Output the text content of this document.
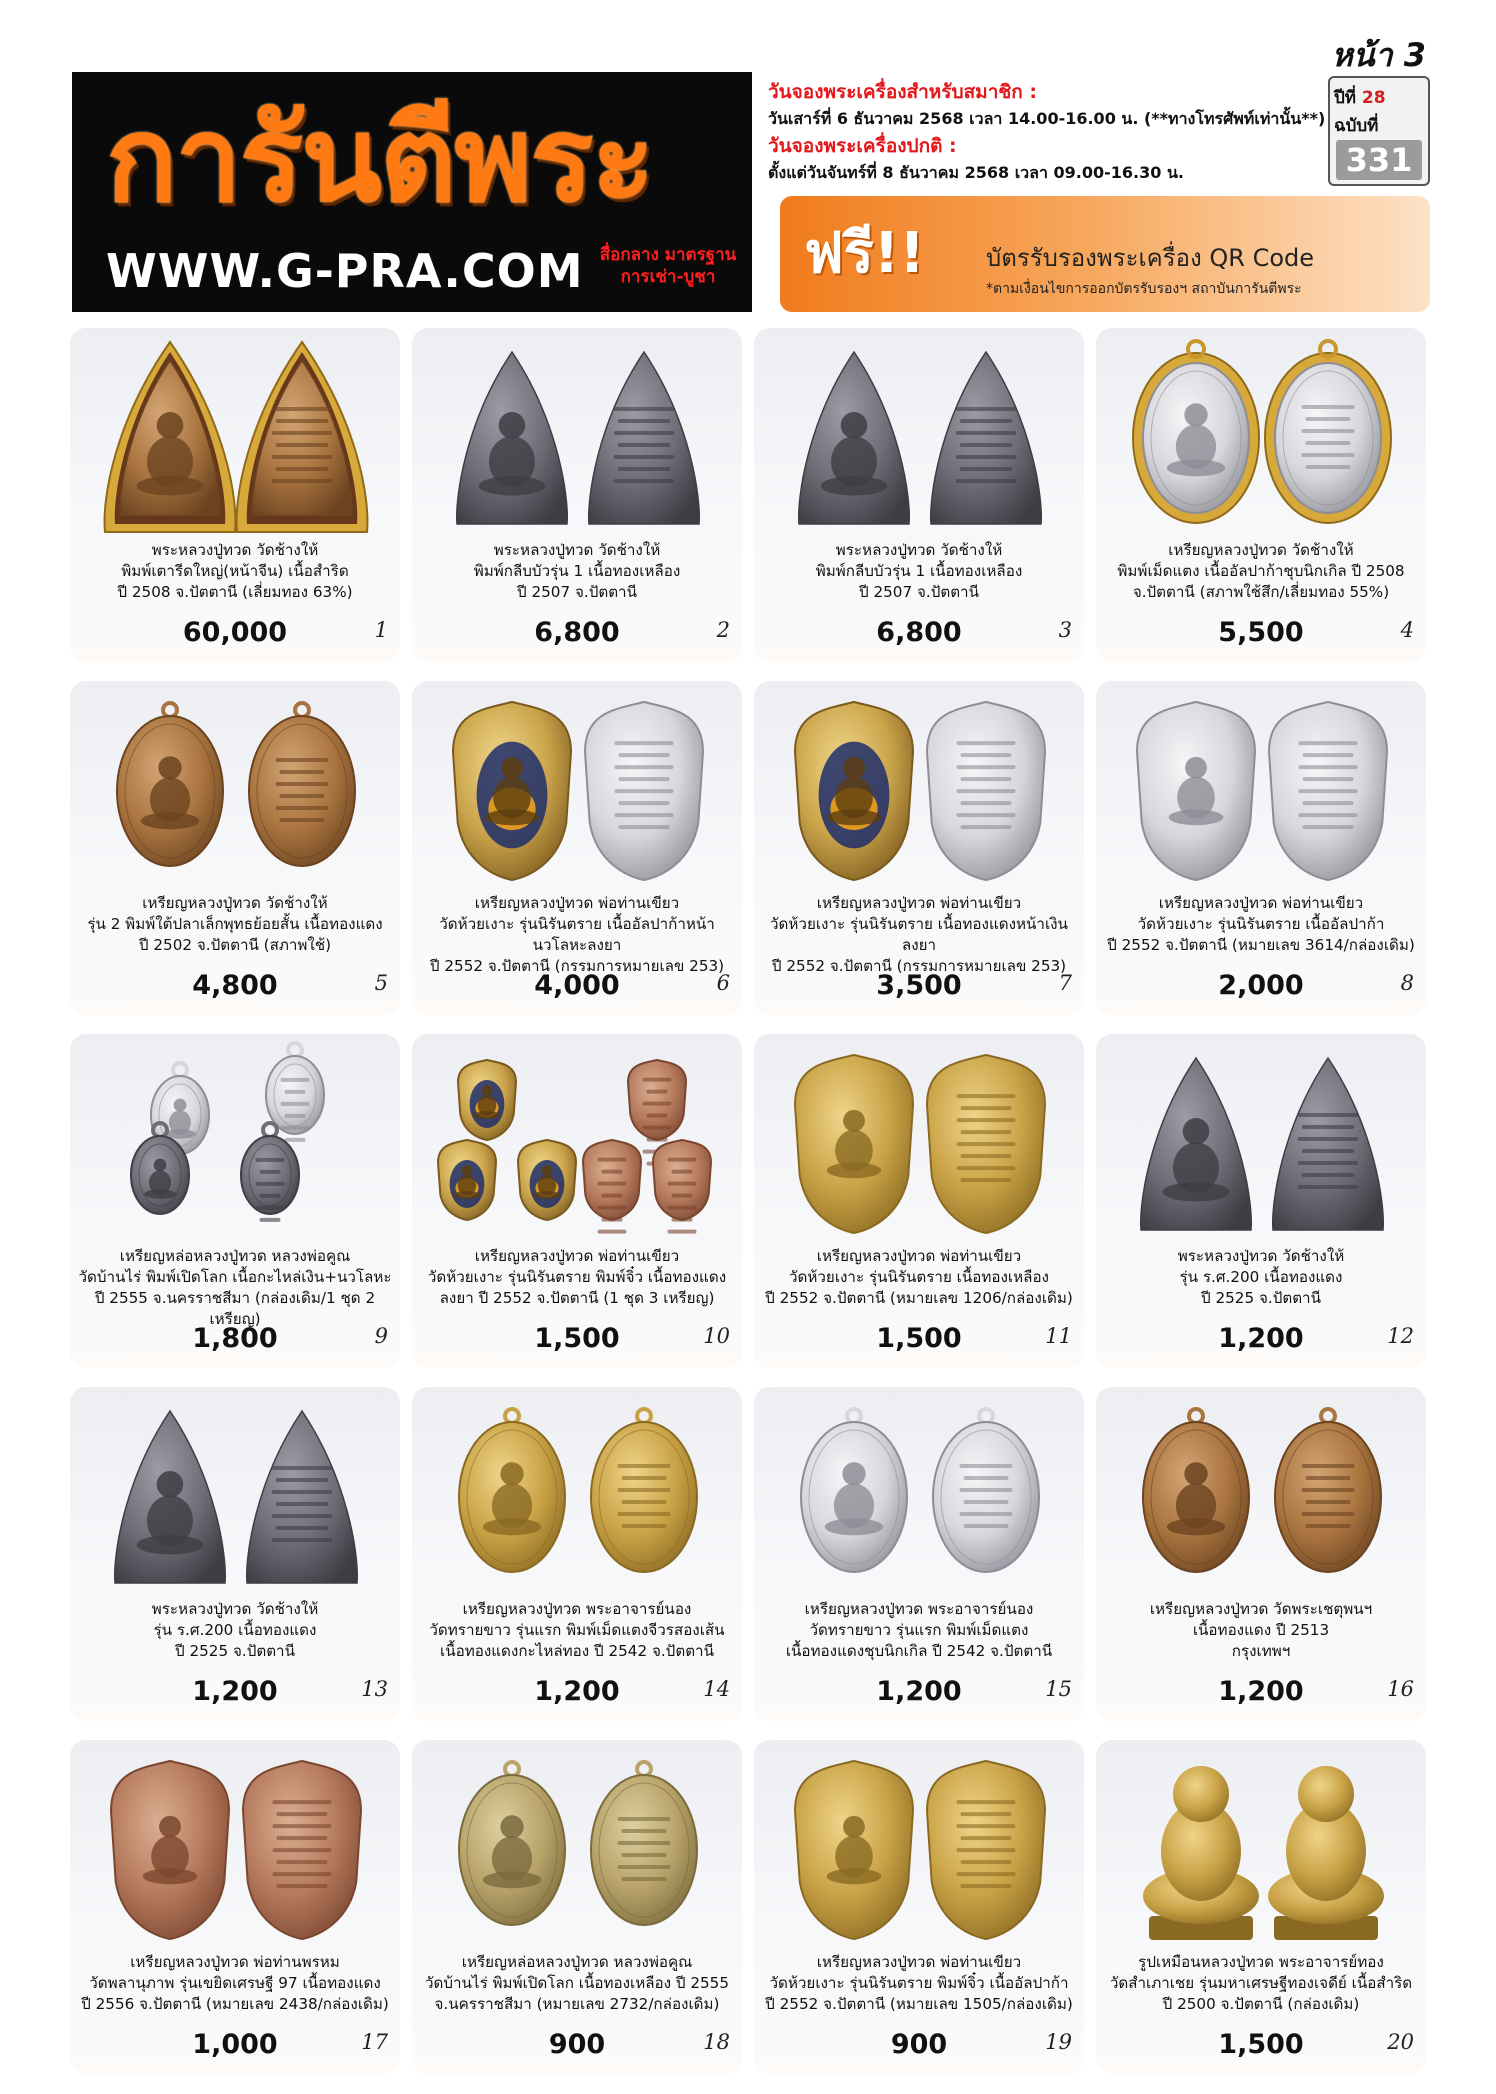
การันตีพระ
WWW.G-PRA.COM สื่อกลาง มาตรฐาน การเช่า-บูชา
วันจองพระเครื่องสำหรับสมาชิก :
วันเสาร์ที่ 6 ธันวาคม 2568 เวลา 14.00-16.00 น. (**ทางโทรศัพท์เท่านั้น**)
วันจองพระเครื่องปกติ :
ตั้งแต่วันจันทร์ที่ 8 ธันวาคม 2568 เวลา 09.00-16.30 น.
หน้า 3
ปีที่ 28
ฉบับที่
331
ฟรี!!	บัตรรับรองพระเครื่อง QR Code
*ตามเงื่อนไขการออกบัตรรับรองฯ สถาบันการันตีพระ
พระหลวงปู่ทวด วัดช้างให้
พิมพ์เตารีดใหญ่(หน้าจีน) เนื้อสำริด
ปี 2508 จ.ปัตตานี (เลี่ยมทอง 63%)
60,000	1
พระหลวงปู่ทวด วัดช้างให้
พิมพ์กลีบบัวรุ่น 1 เนื้อทองเหลือง
ปี 2507 จ.ปัตตานี
6,800	2
พระหลวงปู่ทวด วัดช้างให้
พิมพ์กลีบบัวรุ่น 1 เนื้อทองเหลือง
ปี 2507 จ.ปัตตานี
6,800	3
เหรียญหลวงปู่ทวด วัดช้างให้
พิมพ์เม็ดแตง เนื้ออัลปาก้าชุบนิกเกิล ปี 2508
จ.ปัตตานี (สภาพใช้สึก/เลี่ยมทอง 55%)
5,500	4
เหรียญหลวงปู่ทวด วัดช้างให้
รุ่น 2 พิมพ์ใต้ปลาเล็กพุทธย้อยสั้น เนื้อทองแดง
ปี 2502 จ.ปัตตานี (สภาพใช้)
4,800	5
เหรียญหลวงปู่ทวด พ่อท่านเขียว
วัดห้วยเงาะ รุ่นนิรันตราย เนื้ออัลปาก้าหน้านวโลหะลงยา
ปี 2552 จ.ปัตตานี (กรรมการหมายเลข 253)
4,000	6
เหรียญหลวงปู่ทวด พ่อท่านเขียว
วัดห้วยเงาะ รุ่นนิรันตราย เนื้อทองแดงหน้าเงินลงยา
ปี 2552 จ.ปัตตานี (กรรมการหมายเลข 253)
3,500	7
เหรียญหลวงปู่ทวด พ่อท่านเขียว
วัดห้วยเงาะ รุ่นนิรันตราย เนื้ออัลปาก้า
ปี 2552 จ.ปัตตานี (หมายเลข 3614/กล่องเดิม)
2,000	8
เหรียญหล่อหลวงปู่ทวด หลวงพ่อคูณ
วัดบ้านไร่ พิมพ์เปิดโลก เนื้อกะไหล่เงิน+นวโลหะ
ปี 2555 จ.นครราชสีมา (กล่องเดิม/1 ชุด 2 เหรียญ)
1,800	9
เหรียญหลวงปู่ทวด พ่อท่านเขียว
วัดห้วยเงาะ รุ่นนิรันตราย พิมพ์จิ๋ว เนื้อทองแดง
ลงยา ปี 2552 จ.ปัตตานี (1 ชุด 3 เหรียญ)
1,500	10
เหรียญหลวงปู่ทวด พ่อท่านเขียว
วัดห้วยเงาะ รุ่นนิรันตราย เนื้อทองเหลือง
ปี 2552 จ.ปัตตานี (หมายเลข 1206/กล่องเดิม)
1,500	11
พระหลวงปู่ทวด วัดช้างให้
รุ่น ร.ศ.200 เนื้อทองแดง
ปี 2525 จ.ปัตตานี
1,200	12
พระหลวงปู่ทวด วัดช้างให้
รุ่น ร.ศ.200 เนื้อทองแดง
ปี 2525 จ.ปัตตานี
1,200	13
เหรียญหลวงปู่ทวด พระอาจารย์นอง
วัดทรายขาว รุ่นแรก พิมพ์เม็ดแตงจีวรสองเส้น
เนื้อทองแดงกะไหล่ทอง ปี 2542 จ.ปัตตานี
1,200	14
เหรียญหลวงปู่ทวด พระอาจารย์นอง
วัดทรายขาว รุ่นแรก พิมพ์เม็ดแตง
เนื้อทองแดงชุบนิกเกิล ปี 2542 จ.ปัตตานี
1,200	15
เหรียญหลวงปู่ทวด วัดพระเชตุพนฯ
เนื้อทองแดง ปี 2513
กรุงเทพฯ
1,200	16
เหรียญหลวงปู่ทวด พ่อท่านพรหม
วัดพลานุภาพ รุ่นเขยิดเศรษฐี 97 เนื้อทองแดง
ปี 2556 จ.ปัตตานี (หมายเลข 2438/กล่องเดิม)
1,000	17
เหรียญหล่อหลวงปู่ทวด หลวงพ่อคูณ
วัดบ้านไร่ พิมพ์เปิดโลก เนื้อทองเหลือง ปี 2555
จ.นครราชสีมา (หมายเลข 2732/กล่องเดิม)
900	18
เหรียญหลวงปู่ทวด พ่อท่านเขียว
วัดห้วยเงาะ รุ่นนิรันตราย พิมพ์จิ๋ว เนื้ออัลปาก้า
ปี 2552 จ.ปัตตานี (หมายเลข 1505/กล่องเดิม)
900	19
รูปเหมือนหลวงปู่ทวด พระอาจารย์ทอง
วัดสำเภาเชย รุ่นมหาเศรษฐีทองเจดีย์ เนื้อสำริด
ปี 2500 จ.ปัตตานี (กล่องเดิม)
1,500	20
